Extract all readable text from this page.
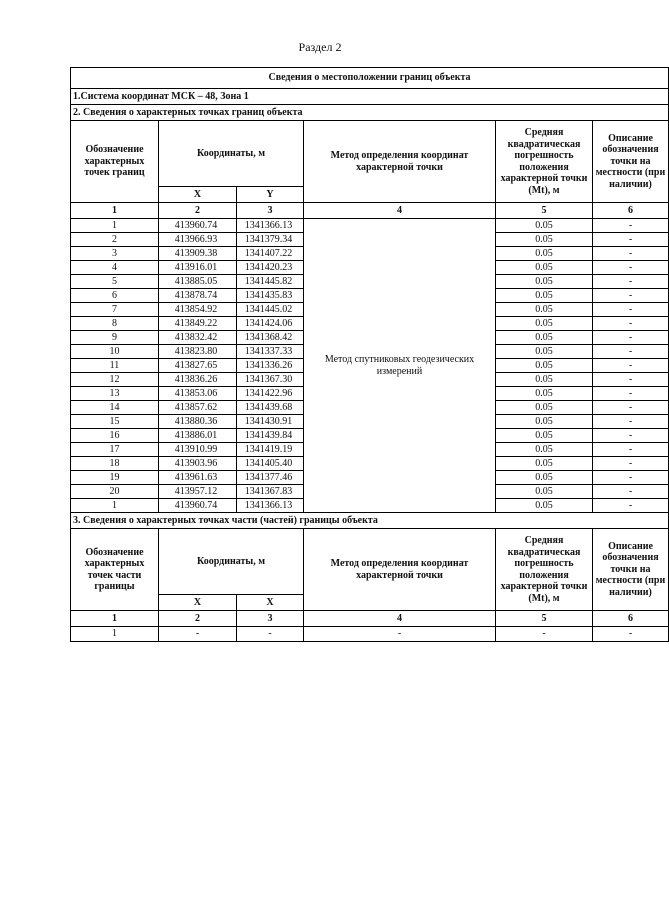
Раздел 2
Сведения о местоположении границ объекта					
1.Система координат МСК – 48, Зона 1					
2. Сведения о характерных точках границ объекта					
Обозначение характерных точек границ	Координаты, м		Метод определения координат характерной точки	Средняя квадратическая погрешность положения характерной точки (Mt), м	Описание обозначения точки на местности (при наличии)
	X	Y			
1	2	3	4	5	6
1	413960.74	1341366.13	Метод спутниковых геодезических измерений	0.05	-
2	413966.93	1341379.34		0.05	-
3	413909.38	1341407.22		0.05	-
4	413916.01	1341420.23		0.05	-
5	413885.05	1341445.82		0.05	-
6	413878.74	1341435.83		0.05	-
7	413854.92	1341445.02		0.05	-
8	413849.22	1341424.06		0.05	-
9	413832.42	1341368.42		0.05	-
10	413823.80	1341337.33		0.05	-
11	413827.65	1341336.26		0.05	-
12	413836.26	1341367.30		0.05	-
13	413853.06	1341422.96		0.05	-
14	413857.62	1341439.68		0.05	-
15	413880.36	1341430.91		0.05	-
16	413886.01	1341439.84		0.05	-
17	413910.99	1341419.19		0.05	-
18	413903.96	1341405.40		0.05	-
19	413961.63	1341377.46		0.05	-
20	413957.12	1341367.83		0.05	-
1	413960.74	1341366.13		0.05	-
3. Сведения о характерных точках части (частей) границы объекта					
Обозначение характерных точек части границы	Координаты, м		Метод определения координат характерной точки	Средняя квадратическая погрешность положения характерной точки (Mt), м	Описание обозначения точки на местности (при наличии)
	X	X			
1	2	3	4	5	6
1	-	-	-	-	-
